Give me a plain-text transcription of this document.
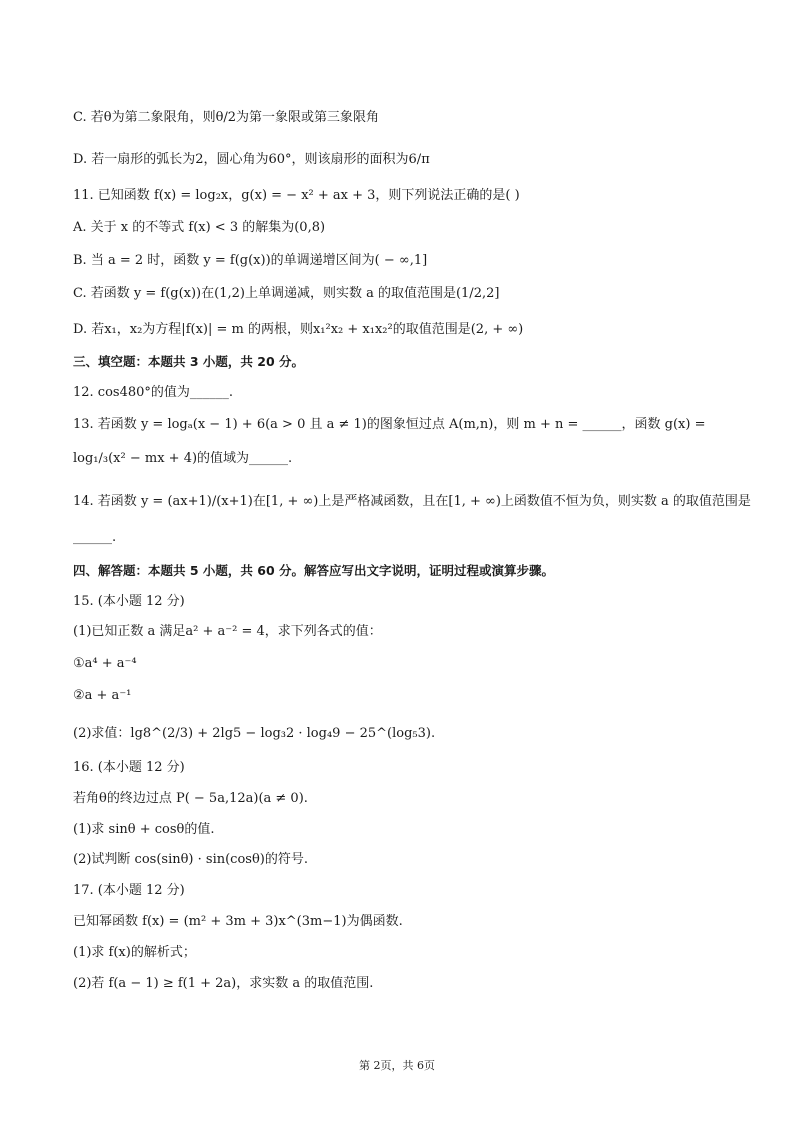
C. 若θ为第二象限角，则θ/2为第一象限或第三象限角
D. 若一扇形的弧长为2，圆心角为60°，则该扇形的面积为6/π
11. 已知函数 f(x) = log₂x，g(x) = − x² + ax + 3，则下列说法正确的是( )
A. 关于 x 的不等式 f(x) < 3 的解集为(0,8)
B. 当 a = 2 时，函数 y = f(g(x))的单调递增区间为( − ∞,1]
C. 若函数 y = f(g(x))在(1,2)上单调递减，则实数 a 的取值范围是(1/2,2]
D. 若x₁，x₂为方程|f(x)| = m 的两根，则x₁²x₂ + x₁x₂²的取值范围是(2, + ∞)
三、填空题：本题共 3 小题，共 20 分。
12. cos480°的值为______.
13. 若函数 y = logₐ(x − 1) + 6(a > 0 且 a ≠ 1)的图象恒过点 A(m,n)，则 m + n = ______，函数 g(x) =
log₁/₃(x² − mx + 4)的值域为______.
14. 若函数 y = (ax+1)/(x+1)在[1, + ∞)上是严格减函数，且在[1, + ∞)上函数值不恒为负，则实数 a 的取值范围是
______.
四、解答题：本题共 5 小题，共 60 分。解答应写出文字说明，证明过程或演算步骤。
15. (本小题 12 分)
(1)已知正数 a 满足a² + a⁻² = 4，求下列各式的值：
①a⁴ + a⁻⁴
②a + a⁻¹
(2)求值：lg8^(2/3) + 2lg5 − log₃2 · log₄9 − 25^(log₅3).
16. (本小题 12 分)
若角θ的终边过点 P( − 5a,12a)(a ≠ 0).
(1)求 sinθ + cosθ的值.
(2)试判断 cos(sinθ) · sin(cosθ)的符号.
17. (本小题 12 分)
已知幂函数 f(x) = (m² + 3m + 3)x^(3m−1)为偶函数.
(1)求 f(x)的解析式；
(2)若 f(a − 1) ≥ f(1 + 2a)，求实数 a 的取值范围.
第 2页，共 6页
